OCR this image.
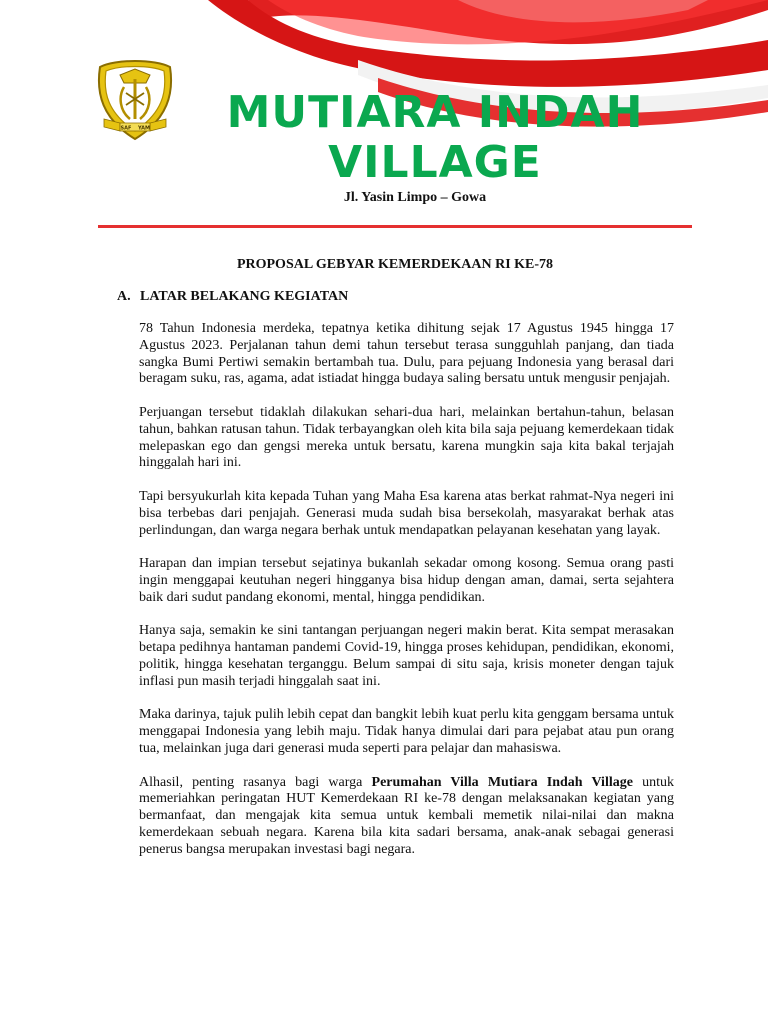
SAF YAM	MUTIARA INDAH VILLAGE
Jl. Yasin Limpo – Gowa
PROPOSAL GEBYAR KEMERDEKAAN RI KE-78
A. LATAR BELAKANG KEGIATAN

78 Tahun Indonesia merdeka, tepatnya ketika dihitung sejak 17 Agustus 1945 hingga 17 Agustus 2023. Perjalanan tahun demi tahun tersebut terasa sungguhlah panjang, dan tiada sangka Bumi Pertiwi semakin bertambah tua. Dulu, para pejuang Indonesia yang berasal dari beragam suku, ras, agama, adat istiadat hingga budaya saling bersatu untuk mengusir penjajah.

Perjuangan tersebut tidaklah dilakukan sehari-dua hari, melainkan bertahun-tahun, belasan tahun, bahkan ratusan tahun. Tidak terbayangkan oleh kita bila saja pejuang kemerdekaan tidak melepaskan ego dan gengsi mereka untuk bersatu, karena mungkin saja kita bakal terjajah hinggalah hari ini.

Tapi bersyukurlah kita kepada Tuhan yang Maha Esa karena atas berkat rahmat-Nya negeri ini bisa terbebas dari penjajah. Generasi muda sudah bisa bersekolah, masyarakat berhak atas perlindungan, dan warga negara berhak untuk mendapatkan pelayanan kesehatan yang layak.

Harapan dan impian tersebut sejatinya bukanlah sekadar omong kosong. Semua orang pasti ingin menggapai keutuhan negeri hingganya bisa hidup dengan aman, damai, serta sejahtera baik dari sudut pandang ekonomi, mental, hingga pendidikan.

Hanya saja, semakin ke sini tantangan perjuangan negeri makin berat. Kita sempat merasakan betapa pedihnya hantaman pandemi Covid-19, hingga proses kehidupan, pendidikan, ekonomi, politik, hingga kesehatan terganggu. Belum sampai di situ saja, krisis moneter dengan tajuk inflasi pun masih terjadi hinggalah saat ini.

Maka darinya, tajuk pulih lebih cepat dan bangkit lebih kuat perlu kita genggam bersama untuk menggapai Indonesia yang lebih maju. Tidak hanya dimulai dari para pejabat atau pun orang tua, melainkan juga dari generasi muda seperti para pelajar dan mahasiswa.

Alhasil, penting rasanya bagi warga Perumahan Villa Mutiara Indah Village untuk memeriahkan peringatan HUT Kemerdekaan RI ke-78 dengan melaksanakan kegiatan yang bermanfaat, dan mengajak kita semua untuk kembali memetik nilai-nilai dan makna kemerdekaan sebuah negara. Karena bila kita sadari bersama, anak-anak sebagai generasi penerus bangsa merupakan investasi bagi negara.
